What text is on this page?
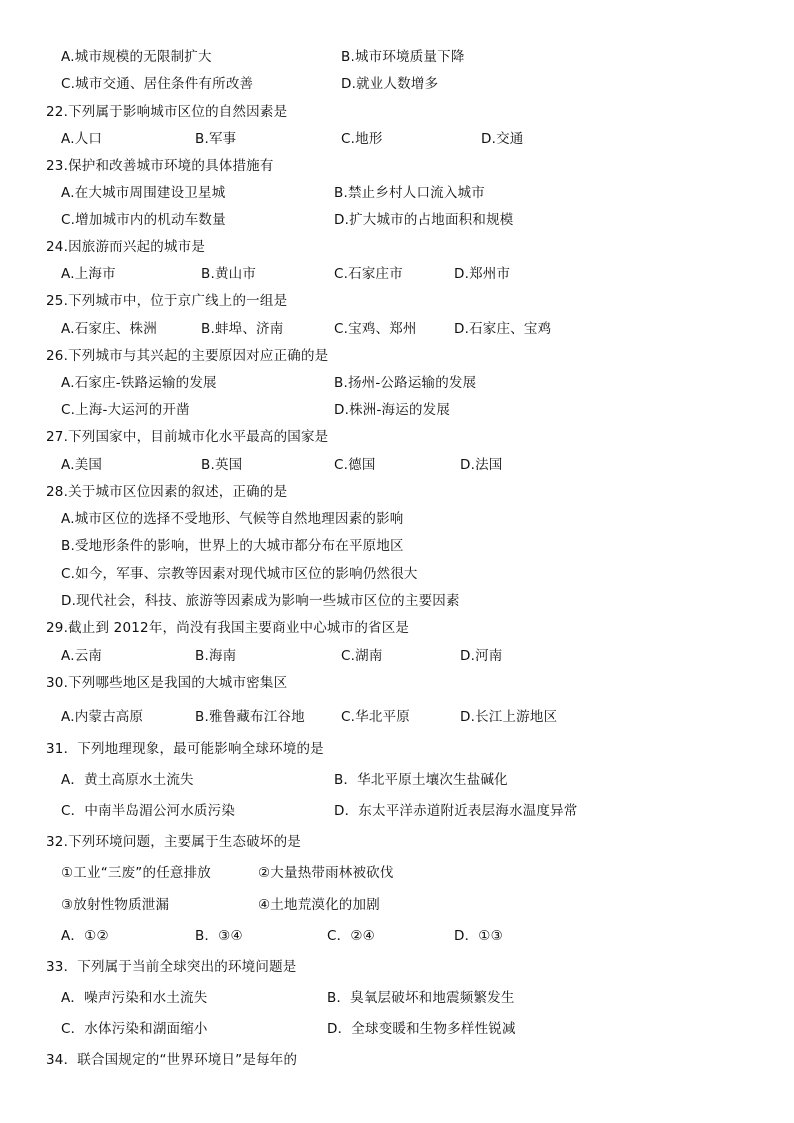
A.城市规模的无限制扩大	B.城市环境质量下降
C.城市交通、居住条件有所改善	D.就业人数增多
22.下列属于影响城市区位的自然因素是
A.人口	B.军事	C.地形	D.交通
23.保护和改善城市环境的具体措施有
A.在大城市周围建设卫星城	B.禁止乡村人口流入城市
C.增加城市内的机动车数量	D.扩大城市的占地面积和规模
24.因旅游而兴起的城市是
A.上海市	B.黄山市	C.石家庄市	D.郑州市
25.下列城市中，位于京广线上的一组是
A.石家庄、株洲	B.蚌埠、济南	C.宝鸡、郑州	D.石家庄、宝鸡
26.下列城市与其兴起的主要原因对应正确的是
A.石家庄-铁路运输的发展	B.扬州-公路运输的发展
C.上海-大运河的开凿	D.株洲-海运的发展
27.下列国家中，目前城市化水平最高的国家是
A.美国	B.英国	C.德国	D.法国
28.关于城市区位因素的叙述，正确的是
A.城市区位的选择不受地形、气候等自然地理因素的影响
B.受地形条件的影响，世界上的大城市都分布在平原地区
C.如今，军事、宗教等因素对现代城市区位的影响仍然很大
D.现代社会，科技、旅游等因素成为影响一些城市区位的主要因素
29.截止到 2012年，尚没有我国主要商业中心城市的省区是
A.云南	B.海南	C.湖南	D.河南
30.下列哪些地区是我国的大城市密集区
A.内蒙古高原	B.雅鲁藏布江谷地	C.华北平原	D.长江上游地区
31．下列地理现象，最可能影响全球环境的是
A．黄土高原水土流失	B．华北平原土壤次生盐碱化
C．中南半岛湄公河水质污染	D．东太平洋赤道附近表层海水温度异常
32.下列环境问题，主要属于生态破坏的是
①工业“三废”的任意排放	②大量热带雨林被砍伐
③放射性物质泄漏	④土地荒漠化的加剧
A．①②	B．③④	C．②④	D．①③
33．下列属于当前全球突出的环境问题是
A．噪声污染和水土流失	B．臭氧层破坏和地震频繁发生
C．水体污染和湖面缩小	D．全球变暖和生物多样性锐减
34．联合国规定的“世界环境日”是每年的
